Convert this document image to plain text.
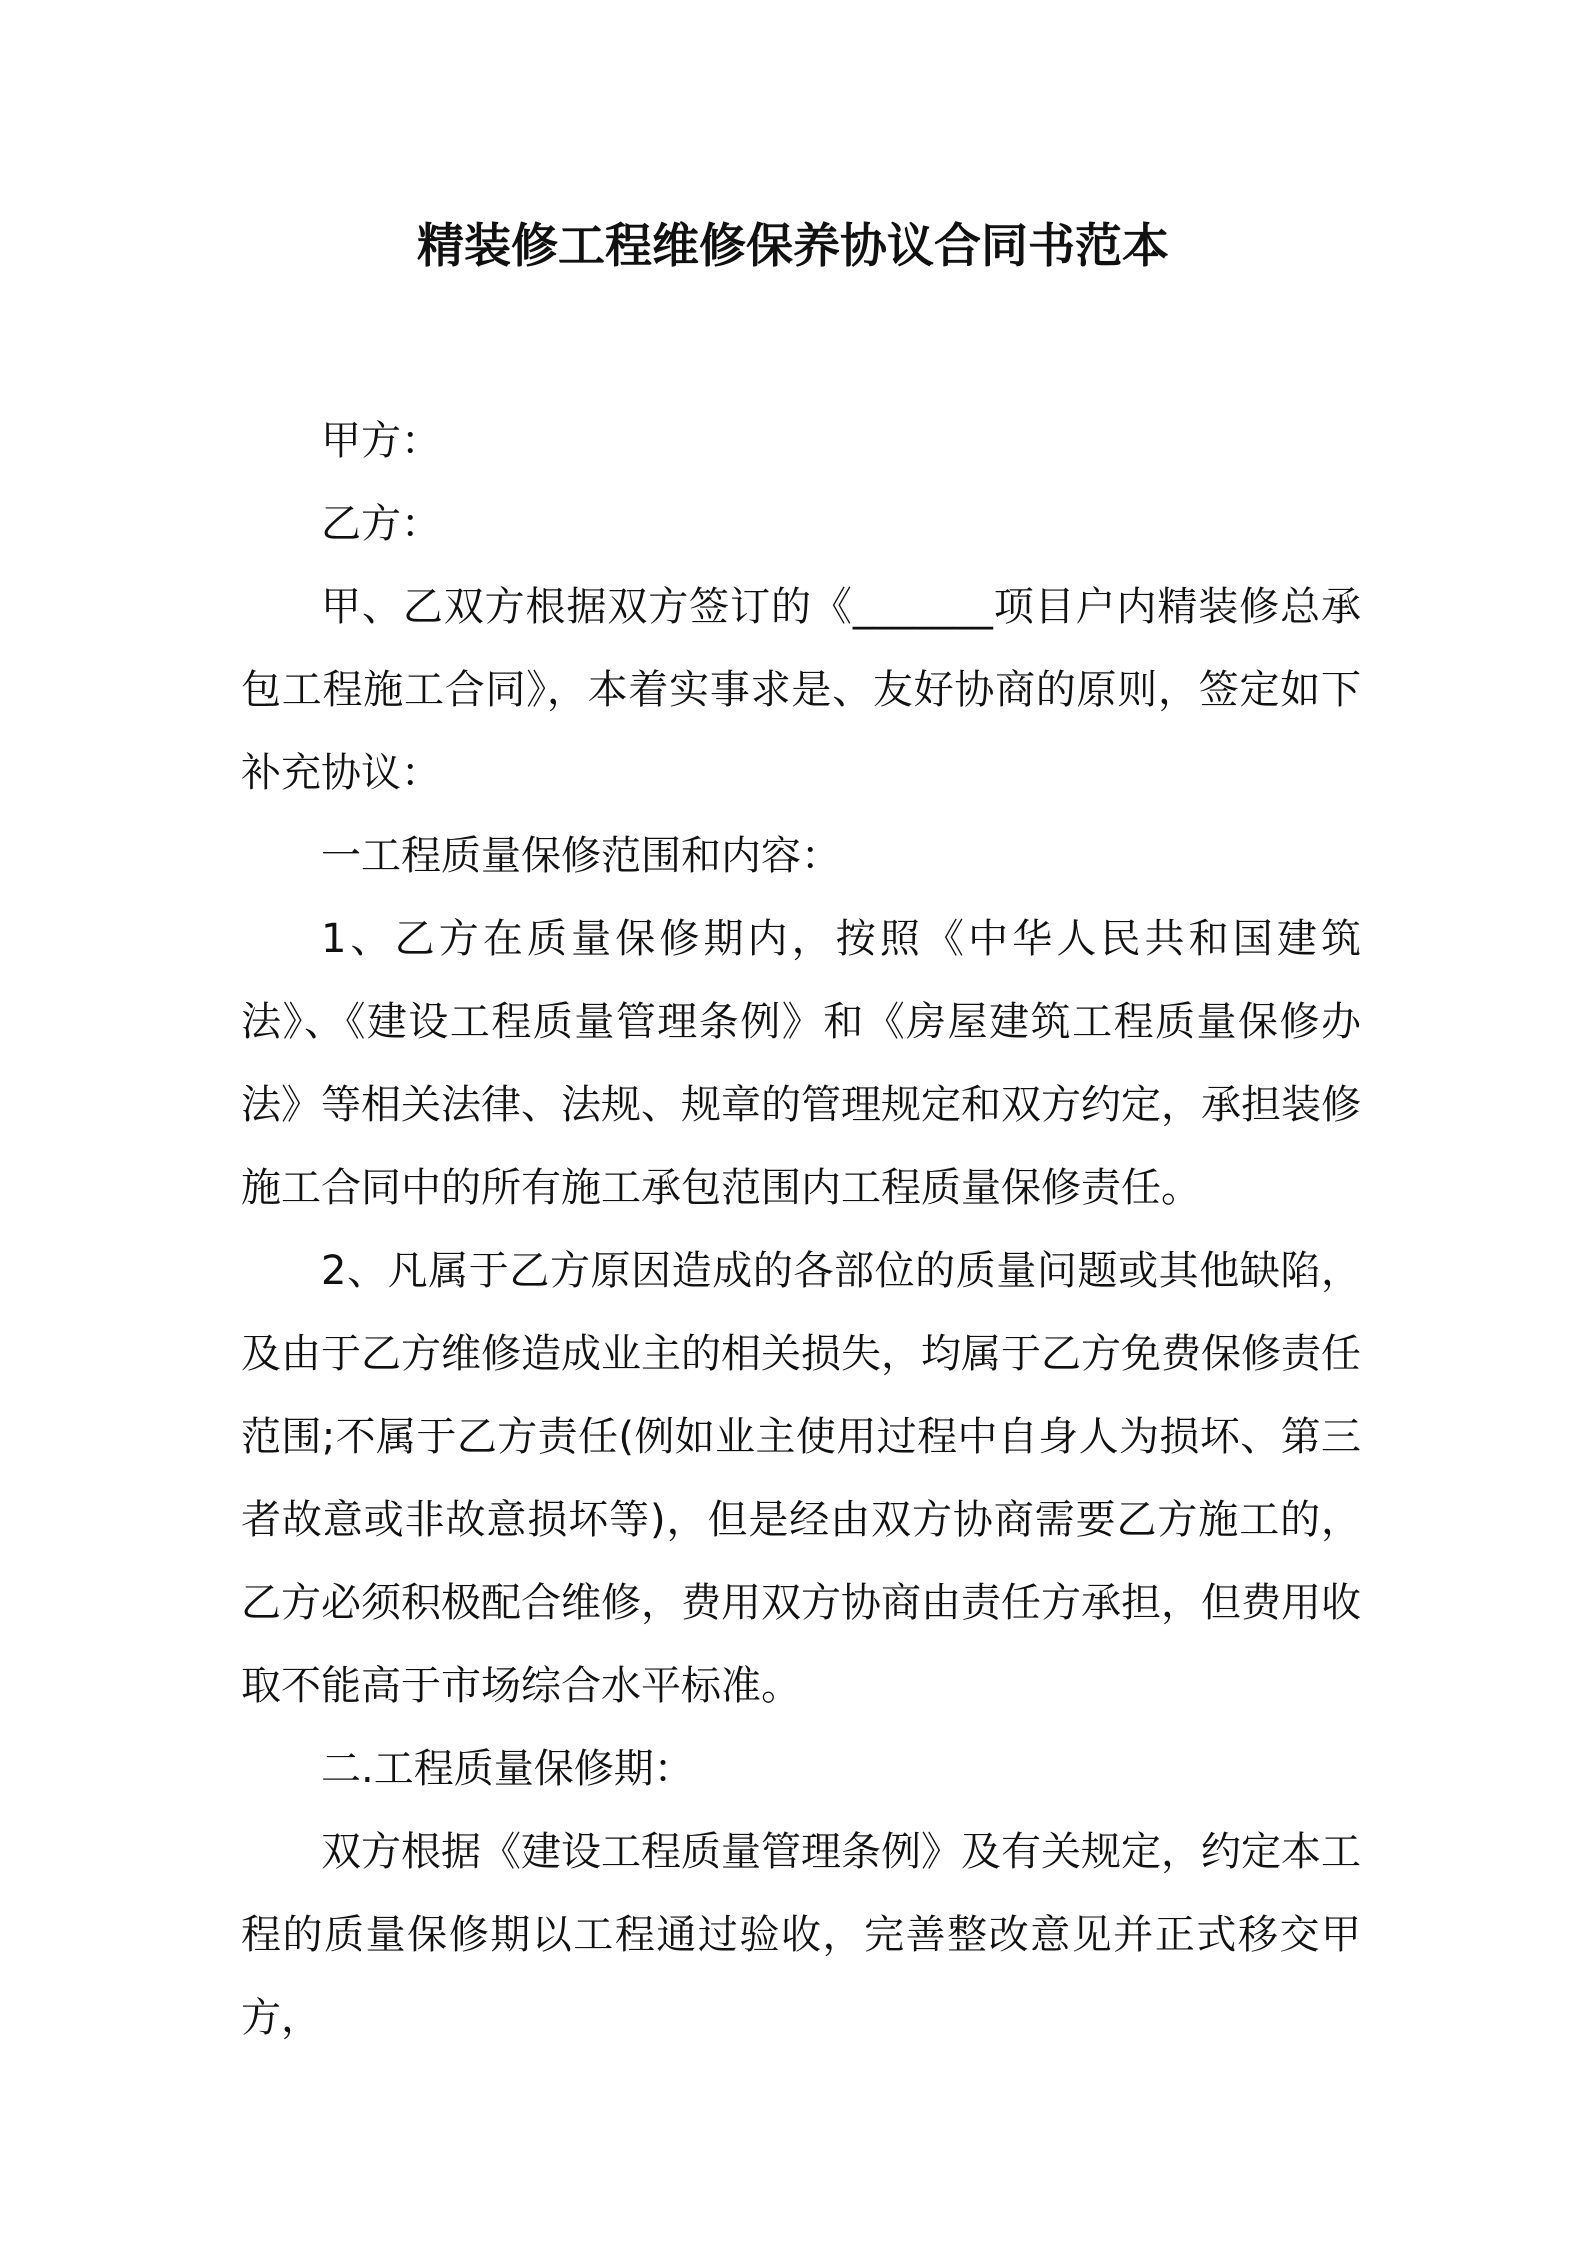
精装修工程维修保养协议合同书范本

甲方：

乙方：

甲、乙双方根据双方签订的《_______项目户内精装修总承包工程施工合同》，本着实事求是、友好协商的原则，签定如下补充协议：

一工程质量保修范围和内容：

1、乙方在质量保修期内，按照《中华人民共和国建筑法》、《建设工程质量管理条例》和《房屋建筑工程质量保修办法》等相关法律、法规、规章的管理规定和双方约定，承担装修施工合同中的所有施工承包范围内工程质量保修责任。

2、凡属于乙方原因造成的各部位的质量问题或其他缺陷，及由于乙方维修造成业主的相关损失，均属于乙方免费保修责任范围;不属于乙方责任(例如业主使用过程中自身人为损坏、第三者故意或非故意损坏等)，但是经由双方协商需要乙方施工的，乙方必须积极配合维修，费用双方协商由责任方承担，但费用收取不能高于市场综合水平标准。

二.工程质量保修期：

双方根据《建设工程质量管理条例》及有关规定，约定本工程的质量保修期以工程通过验收，完善整改意见并正式移交甲方，
